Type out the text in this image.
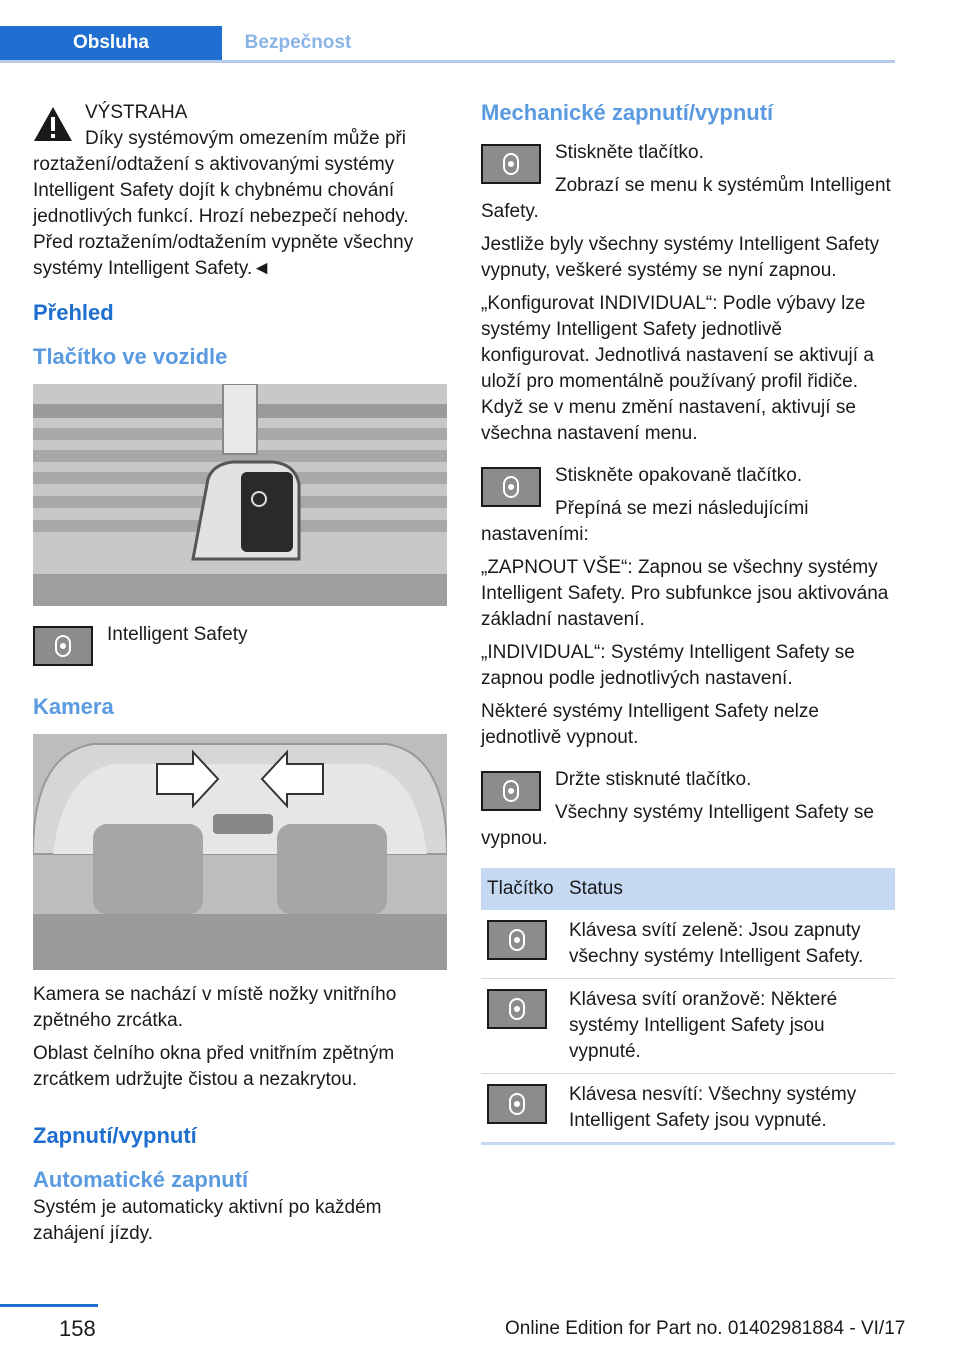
Obsluha	Bezpečnost

VÝSTRAHA

Díky systémovým omezením může při roztažení/odtažení s aktivovanými systémy Intelligent Safety dojít k chybnému chování jednotlivých funkcí. Hrozí nebezpečí nehody. Před roztažením/odtažením vypněte všechny systémy Intelligent Safety.◄

Přehled
Tlačítko ve vozidle

Intelligent Safety

Kamera

Kamera se nachází v místě nožky vnitřního zpětného zrcátka.

Oblast čelního okna před vnitřním zpětným zrcátkem udržujte čistou a nezakrytou.

Zapnutí/vypnutí
Automatické zapnutí

Systém je automaticky aktivní po každém zahájení jízdy.

Mechanické zapnutí/vypnutí

Stiskněte tlačítko.

Zobrazí se menu k systémům Intelligent Safety.

Jestliže byly všechny systémy Intelligent Safety vypnuty, veškeré systémy se nyní zapnou.

„Konfigurovat INDIVIDUAL“: Podle výbavy lze systémy Intelligent Safety jednotlivě konfigurovat. Jednotlivá nastavení se aktivují a uloží pro momentálně používaný profil řidiče. Když se v menu změní nastavení, aktivují se všechna nastavení menu.

Stiskněte opakovaně tlačítko.

Přepíná se mezi následujícími nastaveními:

„ZAPNOUT VŠE“: Zapnou se všechny systémy Intelligent Safety. Pro subfunkce jsou aktivována základní nastavení.

„INDIVIDUAL“: Systémy Intelligent Safety se zapnou podle jednotlivých nastavení.

Některé systémy Intelligent Safety nelze jednotlivě vypnout.

Držte stisknuté tlačítko.

Všechny systémy Intelligent Safety se vypnou.

Tlačítko	Status

	Klávesa svítí zeleně: Jsou zapnuty všechny systémy Intelligent Safety.

	Klávesa svítí oranžově: Některé systémy Intelligent Safety jsou vypnuté.

	Klávesa nesvítí: Všechny systémy Intelligent Safety jsou vypnuté.
158	Online Edition for Part no. 01402981884 - VI/17
